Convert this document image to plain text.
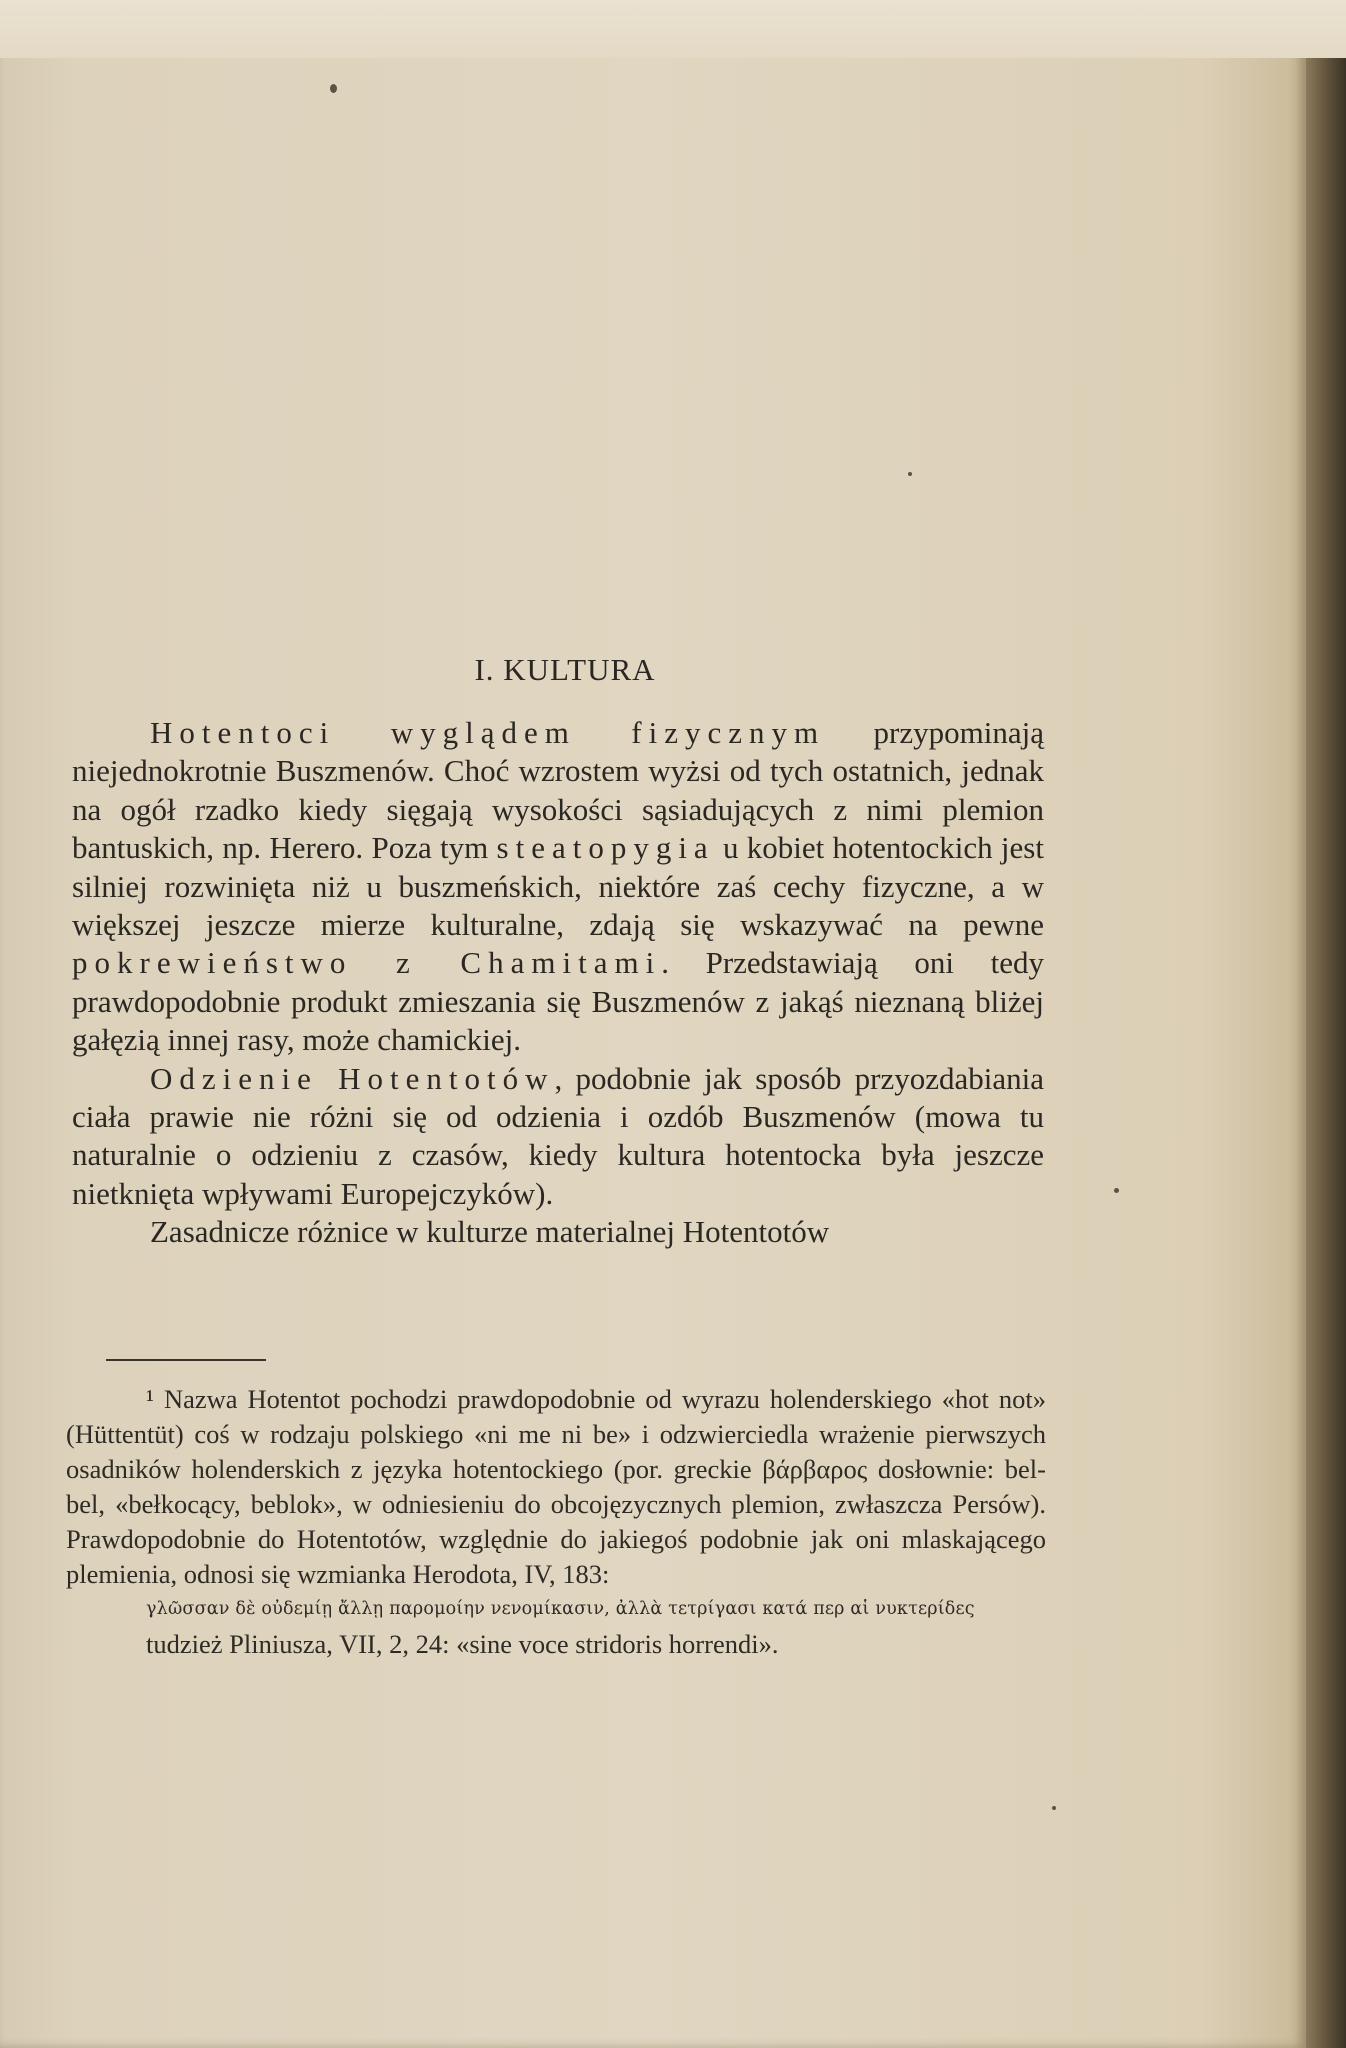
I. KULTURA

Hotentoci wyglądem fizycznym przypominają niejednokrotnie Buszmenów. Choć wzrostem wyżsi od tych ostatnich, jednak na ogół rzadko kiedy sięgają wysokości sąsiadujących z nimi plemion bantuskich, np. Herero. Poza tym steatopygia u kobiet hotentockich jest silniej rozwinięta niż u buszmeńskich, niektóre zaś cechy fizyczne, a w większej jeszcze mierze kulturalne, zdają się wskazywać na pewne pokrewieństwo z Chamitami. Przedstawiają oni tedy prawdopodobnie produkt zmieszania się Buszmenów z jakąś nieznaną bliżej gałęzią innej rasy, może chamickiej.

Odzienie Hotentotów, podobnie jak sposób przyozdabiania ciała prawie nie różni się od odzienia i ozdób Buszmenów (mowa tu naturalnie o odzieniu z czasów, kiedy kultura hotentocka była jeszcze nietknięta wpływami Europejczyków).

Zasadnicze różnice w kulturze materialnej Hotentotów

¹ Nazwa Hotentot pochodzi prawdopodobnie od wyrazu holenderskiego «hot not» (Hüttentüt) coś w rodzaju polskiego «ni me ni be» i odzwierciedla wrażenie pierwszych osadników holenderskich z języka hotentockiego (por. greckie βάρβαρος dosłownie: bel-bel, «bełkocący, beblok», w odniesieniu do obcojęzycznych plemion, zwłaszcza Persów). Prawdopodobnie do Hotentotów, względnie do jakiegoś podobnie jak oni mlaskającego plemienia, odnosi się wzmianka Herodota, IV, 183:
γλῶσσαν δὲ οὐδεμίῃ ἄλλῃ παρομοίην νενομίκασιν, ἀλλὰ τετρίγασι κατά περ αἱ νυκτερίδες
tudzież Pliniusza, VII, 2, 24: «sine voce stridoris horrendi».
